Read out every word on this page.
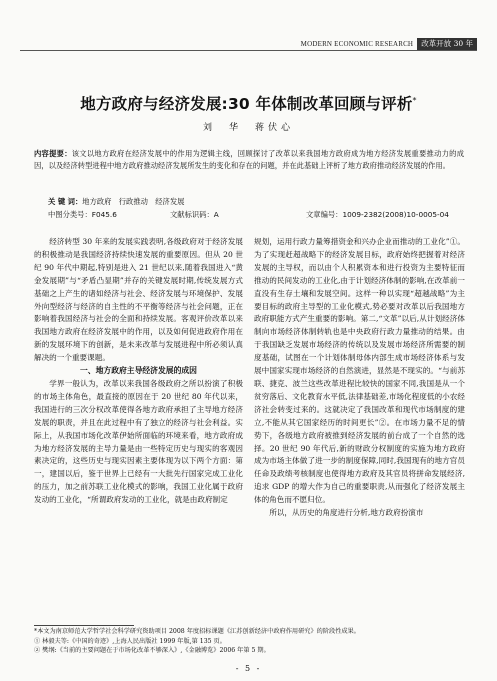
MODERN ECONOMIC RESEARCH	改革开放 30 年
地方政府与经济发展:30 年体制改革回顾与评析*
刘　华　蒋伏心
内容提要：该文以地方政府在经济发展中的作用为逻辑主线，回顾探讨了改革以来我国地方政府成为地方经济发展重要推动力的成因，以及经济转型进程中地方政府推动经济发展所发生的变化和存在的问题，并在此基础上评析了地方政府推动经济发展的作用。
关 键 词：地方政府　行政推动　经济发展
中图分类号：F045.6	文献标识码：A	文章编号：1009-2382(2008)10-0005-04

经济转型 30 年来的发展实践表明,各级政府对于经济发展的积极推动是我国经济持续快速发展的重要原因。但从 20 世纪 90 年代中期起,特别是进入 21 世纪以来,随着我国进入“黄金发展期”与“矛盾凸显期”并存的关键发展时期,传统发展方式基础之上产生的诸如经济与社会、经济发展与环境保护、发展外向型经济与经济的自主性的不平衡等经济与社会问题，正在影响着我国经济与社会的全面和持续发展。客观评价改革以来我国地方政府在经济发展中的作用，以及如何促进政府作用在新的发展环境下的创新，是未来改革与发展进程中所必须认真解决的一个重要课题。

一、地方政府主导经济发展的成因

学界一般认为，改革以来我国各级政府之所以扮演了积极的市场主体角色，最直接的原因在于 20 世纪 80 年代以来，我国进行的三次分权改革使得各地方政府承担了主导地方经济发展的职责，并且在此过程中有了独立的经济与社会利益。实际上，从我国市场化改革伊始所面临的环境来看，地方政府成为地方经济发展的主导力量是由一些特定历史与现实的客观因素决定的，这些历史与现实因素主要体现为以下两个方面：第一，建国以后，鉴于世界上已经有一大批先行国家完成工业化的压力，加之前苏联工业化模式的影响，我国工业化属于政府发动的工业化，“所谓政府发动的工业化，就是由政府制定

规划，运用行政力量筹措资金和兴办企业而推动的工业化”①。为了实现赶超战略下的经济发展目标，政府始终把握着对经济发展的主导权，而以由个人积累资本和进行投资为主要特征而推动的民间发动的工业化,由于计划经济体制的影响,在改革前一直没有生存土壤和发展空间。这样一种以实现“超越战略”为主要目标的政府主导型的工业化模式,势必要对改革以后我国地方政府职能方式产生重要的影响。第二,“文革”以后,从计划经济体制向市场经济体制转轨也是中央政府行政力量推动的结果。由于我国缺乏发展市场经济的传统以及发展市场经济所需要的制度基础，试图在一个计划体制母体内部生成市场经济体系与发展中国家实现市场经济的自然演进，显然是不现实的。“与前苏联、捷克、波兰这些改革进程比较快的国家不同,我国是从一个贫穷落后、文化教育水平低,法律基础差,市场化程度低的小农经济社会转变过来的。这就决定了我国改革和现代市场制度的建立,不能从其它国家经历的时间更长”②。在市场力量不足的情势下，各级地方政府被推到经济发展的前台成了一个自然的选择。20 世纪 90 年代后,新的财政分权制度的实施为地方政府成为市场主体做了进一步的制度保障,同时,我国现有的地方官员任命及政绩考核制度也使得地方政府及其官员将拼命发展经济,追求 GDP 的增大作为自己的重要职责,从而强化了经济发展主体的角色而不愿归位。

所以，从历史的角度进行分析,地方政府扮演市

*本文为南京师范大学哲学社会科学研究资助项目 2008 年度招标课题《江苏创新经济中政府作用研究》的阶段性成果。
① 林毅夫等:《中国的奇迹》,上海人民出版社 1999 年版,第 135 页。
② 樊纲:《当前的主要问题在于市场化改革不够深入》,《金融博览》2006 年第 5 期。
- 5 -
